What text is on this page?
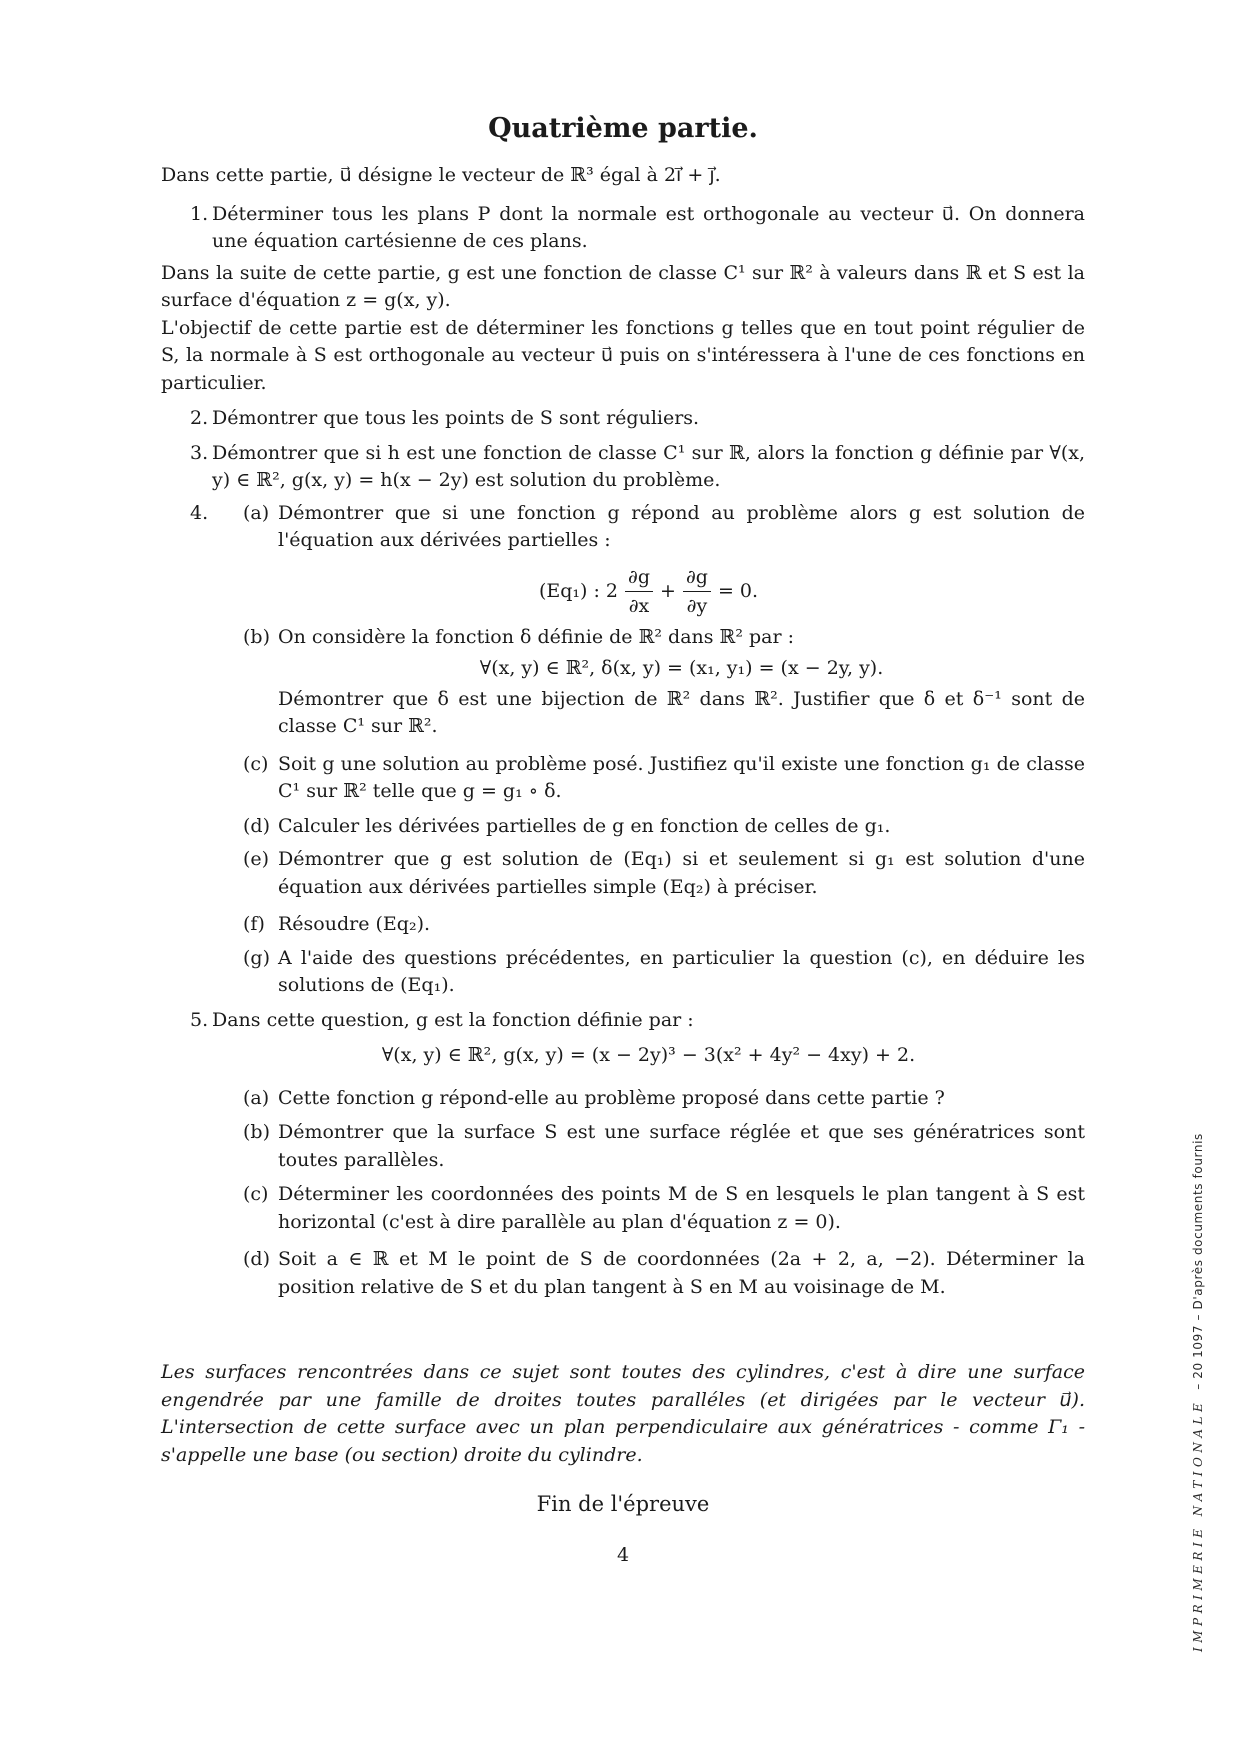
Quatrième partie.

Dans cette partie, u⃗ désigne le vecteur de ℝ³ égal à 2i⃗ + j⃗.

1. Déterminer tous les plans P dont la normale est orthogonale au vecteur u⃗. On donnera une équation cartésienne de ces plans.

Dans la suite de cette partie, g est une fonction de classe C¹ sur ℝ² à valeurs dans ℝ et S est la surface d'équation z = g(x, y).

L'objectif de cette partie est de déterminer les fonctions g telles que en tout point régulier de S, la normale à S est orthogonale au vecteur u⃗ puis on s'intéressera à l'une de ces fonctions en particulier.

2. Démontrer que tous les points de S sont réguliers.
3. Démontrer que si h est une fonction de classe C¹ sur ℝ, alors la fonction g définie par ∀(x, y) ∈ ℝ², g(x, y) = h(x − 2y) est solution du problème.
4.	(a) Démontrer que si une fonction g répond au problème alors g est solution de l'équation aux dérivées partielles :
(Eq₁) : $2 \frac{\partial g}{\partial x} + \frac{\partial g}{\partial y} = 0$.
(b) On considère la fonction δ définie de ℝ² dans ℝ² par :
∀(x, y) ∈ ℝ², δ(x, y) = (x₁, y₁) = (x − 2y, y).
Démontrer que δ est une bijection de ℝ² dans ℝ². Justifier que δ et δ⁻¹ sont de classe C¹ sur ℝ².
(c) Soit g une solution au problème posé. Justifiez qu'il existe une fonction g₁ de classe C¹ sur ℝ² telle que g = g₁ ∘ δ.
(d) Calculer les dérivées partielles de g en fonction de celles de g₁.
(e) Démontrer que g est solution de (Eq₁) si et seulement si g₁ est solution d'une équation aux dérivées partielles simple (Eq₂) à préciser.
(f) Résoudre (Eq₂).
(g) A l'aide des questions précédentes, en particulier la question (c), en déduire les solutions de (Eq₁).
5. Dans cette question, g est la fonction définie par :
∀(x, y) ∈ ℝ², g(x, y) = (x − 2y)³ − 3(x² + 4y² − 4xy) + 2.
(a) Cette fonction g répond-elle au problème proposé dans cette partie ?
(b) Démontrer que la surface S est une surface réglée et que ses génératrices sont toutes parallèles.
(c) Déterminer les coordonnées des points M de S en lesquels le plan tangent à S est horizontal (c'est à dire parallèle au plan d'équation z = 0).
(d) Soit a ∈ ℝ et M le point de S de coordonnées (2a + 2, a, −2). Déterminer la position relative de S et du plan tangent à S en M au voisinage de M.

Les surfaces rencontrées dans ce sujet sont toutes des cylindres, c'est à dire une surface engendrée par une famille de droites toutes paralléles (et dirigées par le vecteur u⃗). L'intersection de cette surface avec un plan perpendiculaire aux génératrices - comme Γ₁ - s'appelle une base (ou section) droite du cylindre.

Fin de l'épreuve
4	IMPRIMERIE NATIONALE– 20 1097 – D'après documents fournis
